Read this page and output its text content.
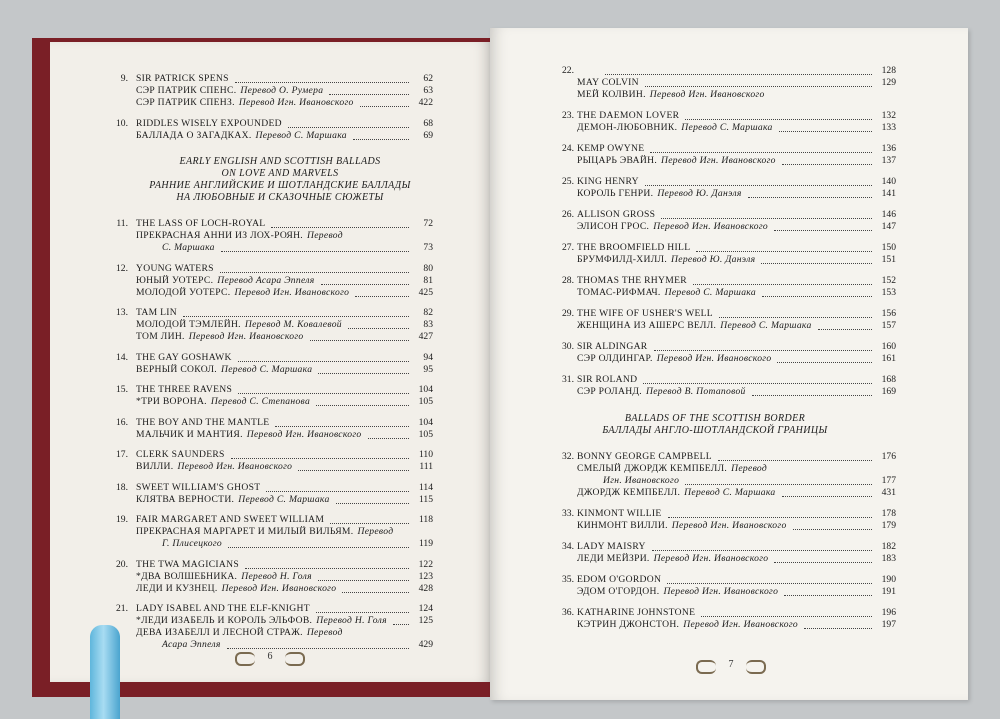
9. SIR PATRICK SPENS	62
СЭР ПАТРИК СПЕНС. Перевод О. Румера	63
СЭР ПАТРИК СПЕНЗ. Перевод Игн. Ивановского	422
10. RIDDLES WISELY EXPOUNDED	68
БАЛЛАДА О ЗАГАДКАХ. Перевод С. Маршака	69
EARLY ENGLISH AND SCOTTISH BALLADS
ON LOVE AND MARVELS
РАННИЕ АНГЛИЙСКИЕ И ШОТЛАНДСКИЕ БАЛЛАДЫ
НА ЛЮБОВНЫЕ И СКАЗОЧНЫЕ СЮЖЕТЫ
11. THE LASS OF LOCH-ROYAL	72
ПРЕКРАСНАЯ АННИ ИЗ ЛОХ-РОЯН. Перевод
С. Маршака	73
12. YOUNG WATERS	80
ЮНЫЙ УОТЕРС. Перевод Асара Эппеля	81
МОЛОДОЙ УОТЕРС. Перевод Игн. Ивановского	425
13. TAM LIN	82
МОЛОДОЙ ТЭМЛЕЙН. Перевод М. Ковалевой	83
ТОМ ЛИН. Перевод Игн. Ивановского	427
14. THE GAY GOSHAWK	94
ВЕРНЫЙ СОКОЛ. Перевод С. Маршака	95
15. THE THREE RAVENS	104
*ТРИ ВОРОНА. Перевод С. Степанова	105
16. THE BOY AND THE MANTLE	104
МАЛЬЧИК И МАНТИЯ. Перевод Игн. Ивановского	105
17. CLERK SAUNDERS	110
ВИЛЛИ. Перевод Игн. Ивановского	111
18. SWEET WILLIAM'S GHOST	114
КЛЯТВА ВЕРНОСТИ. Перевод С. Маршака	115
19. FAIR MARGARET AND SWEET WILLIAM	118
ПРЕКРАСНАЯ МАРГАРЕТ И МИЛЫЙ ВИЛЬЯМ. Перевод
Г. Плисецкого	119
20. THE TWA MAGICIANS	122
*ДВА ВОЛШЕБНИКА. Перевод Н. Голя	123
ЛЕДИ И КУЗНЕЦ. Перевод Игн. Ивановского	428
21. LADY ISABEL AND THE ELF-KNIGHT	124
*ЛЕДИ ИЗАБЕЛЬ И КОРОЛЬ ЭЛЬФОВ. Перевод Н. Голя	125
ДЕВА ИЗАБЕЛЛ И ЛЕСНОЙ СТРАЖ. Перевод
Асара Эппеля	429
6
22.	128
MAY COLVIN	129
МЕЙ КОЛВИН. Перевод Игн. Ивановского
23. THE DAEMON LOVER	132
ДЕМОН-ЛЮБОВНИК. Перевод С. Маршака	133
24. KEMP OWYNE	136
РЫЦАРЬ ЭВАЙН. Перевод Игн. Ивановского	137
25. KING HENRY	140
КОРОЛЬ ГЕНРИ. Перевод Ю. Данэля	141
26. ALLISON GROSS	146
ЭЛИСОН ГРОС. Перевод Игн. Ивановского	147
27. THE BROOMFIELD HILL	150
БРУМФИЛД-ХИЛЛ. Перевод Ю. Данэля	151
28. THOMAS THE RHYMER	152
ТОМАС-РИФМАЧ. Перевод С. Маршака	153
29. THE WIFE OF USHER'S WELL	156
ЖЕНЩИНА ИЗ АШЕРС ВЕЛЛ. Перевод С. Маршака	157
30. SIR ALDINGAR	160
СЭР ОЛДИНГАР. Перевод Игн. Ивановского	161
31. SIR ROLAND	168
СЭР РОЛАНД. Перевод В. Потаповой	169
BALLADS OF THE SCOTTISH BORDER
БАЛЛАДЫ АНГЛО-ШОТЛАНДСКОЙ ГРАНИЦЫ
32. BONNY GEORGE CAMPBELL	176
СМЕЛЫЙ ДЖОРДЖ КЕМПБЕЛЛ. Перевод
Игн. Ивановского	177
ДЖОРДЖ КЕМПБЕЛЛ. Перевод С. Маршака	431
33. KINMONT WILLIE	178
КИНМОНТ ВИЛЛИ. Перевод Игн. Ивановского	179
34. LADY MAISRY	182
ЛЕДИ МЕЙЗРИ. Перевод Игн. Ивановского	183
35. EDOM O'GORDON	190
ЭДОМ О'ГОРДОН. Перевод Игн. Ивановского	191
36. KATHARINE JOHNSTONE	196
КЭТРИН ДЖОНСТОН. Перевод Игн. Ивановского	197
7
